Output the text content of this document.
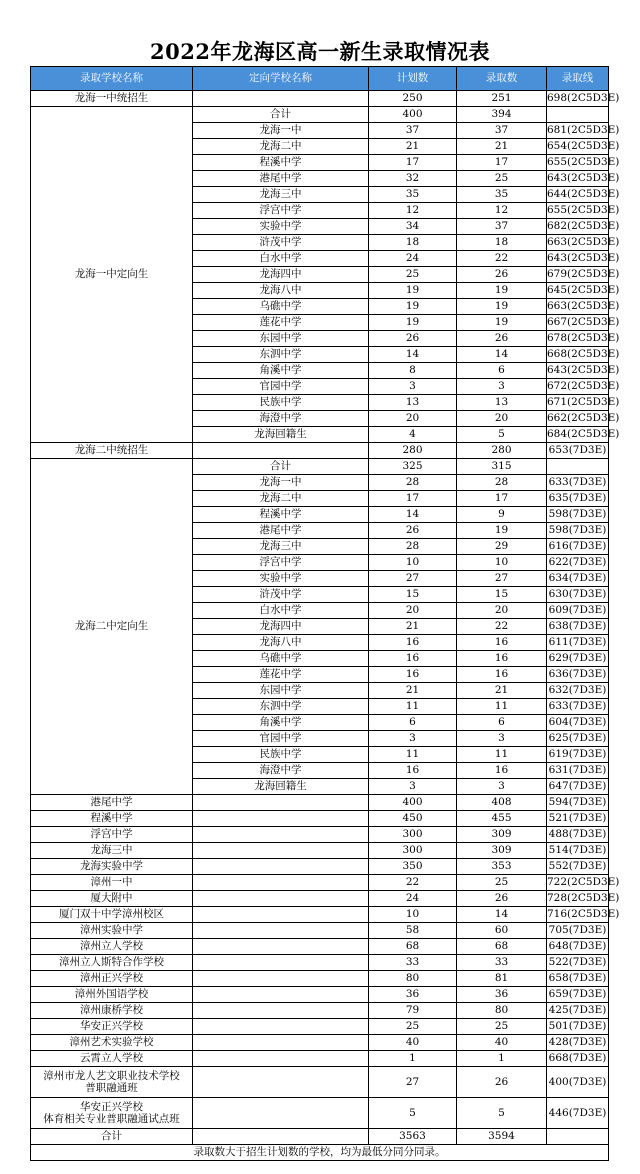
2022年龙海区高一新生录取情况表
录取学校名称	定向学校名称	计划数	录取数	录取线
龙海一中统招生		250	251	698(2C5D3E)
龙海一中定向生	合计	400	394	
	龙海一中	37	37	681(2C5D3E)
	龙海二中	21	21	654(2C5D3E)
	程溪中学	17	17	655(2C5D3E)
	港尾中学	32	25	643(2C5D3E)
	龙海三中	35	35	644(2C5D3E)
	浮宫中学	12	12	655(2C5D3E)
	实验中学	34	37	682(2C5D3E)
	浒茂中学	18	18	663(2C5D3E)
	白水中学	24	22	643(2C5D3E)
	龙海四中	25	26	679(2C5D3E)
	龙海八中	19	19	645(2C5D3E)
	乌礁中学	19	19	663(2C5D3E)
	莲花中学	19	19	667(2C5D3E)
	东园中学	26	26	678(2C5D3E)
	东泗中学	14	14	668(2C5D3E)
	角溪中学	8	6	643(2C5D3E)
	官园中学	3	3	672(2C5D3E)
	民族中学	13	13	671(2C5D3E)
	海澄中学	20	20	662(2C5D3E)
	龙海回籍生	4	5	684(2C5D3E)
龙海二中统招生		280	280	653(7D3E)
龙海二中定向生	合计	325	315	
	龙海一中	28	28	633(7D3E)
	龙海二中	17	17	635(7D3E)
	程溪中学	14	9	598(7D3E)
	港尾中学	26	19	598(7D3E)
	龙海三中	28	29	616(7D3E)
	浮宫中学	10	10	622(7D3E)
	实验中学	27	27	634(7D3E)
	浒茂中学	15	15	630(7D3E)
	白水中学	20	20	609(7D3E)
	龙海四中	21	22	638(7D3E)
	龙海八中	16	16	611(7D3E)
	乌礁中学	16	16	629(7D3E)
	莲花中学	16	16	636(7D3E)
	东园中学	21	21	632(7D3E)
	东泗中学	11	11	633(7D3E)
	角溪中学	6	6	604(7D3E)
	官园中学	3	3	625(7D3E)
	民族中学	11	11	619(7D3E)
	海澄中学	16	16	631(7D3E)
	龙海回籍生	3	3	647(7D3E)
港尾中学		400	408	594(7D3E)
程溪中学		450	455	521(7D3E)
浮宫中学		300	309	488(7D3E)
龙海三中		300	309	514(7D3E)
龙海实验中学		350	353	552(7D3E)
漳州一中		22	25	722(2C5D3E)
厦大附中		24	26	728(2C5D3E)
厦门双十中学漳州校区		10	14	716(2C5D3E)
漳州实验中学		58	60	705(7D3E)
漳州立人学校		68	68	648(7D3E)
漳州立人斯特合作学校		33	33	522(7D3E)
漳州正兴学校		80	81	658(7D3E)
漳州外国语学校		36	36	659(7D3E)
漳州康桥学校		79	80	425(7D3E)
华安正兴学校		25	25	501(7D3E)
漳州艺术实验学校		40	40	428(7D3E)
云霄立人学校		1	1	668(7D3E)

漳州市龙人艺文职业技术学校
普职融通班		27	26	400(7D3E)

华安正兴学校
体育相关专业普职融通试点班		5	5	446(7D3E)
合计		3563	3594	
录取数大于招生计划数的学校，均为最低分同分同录。				
